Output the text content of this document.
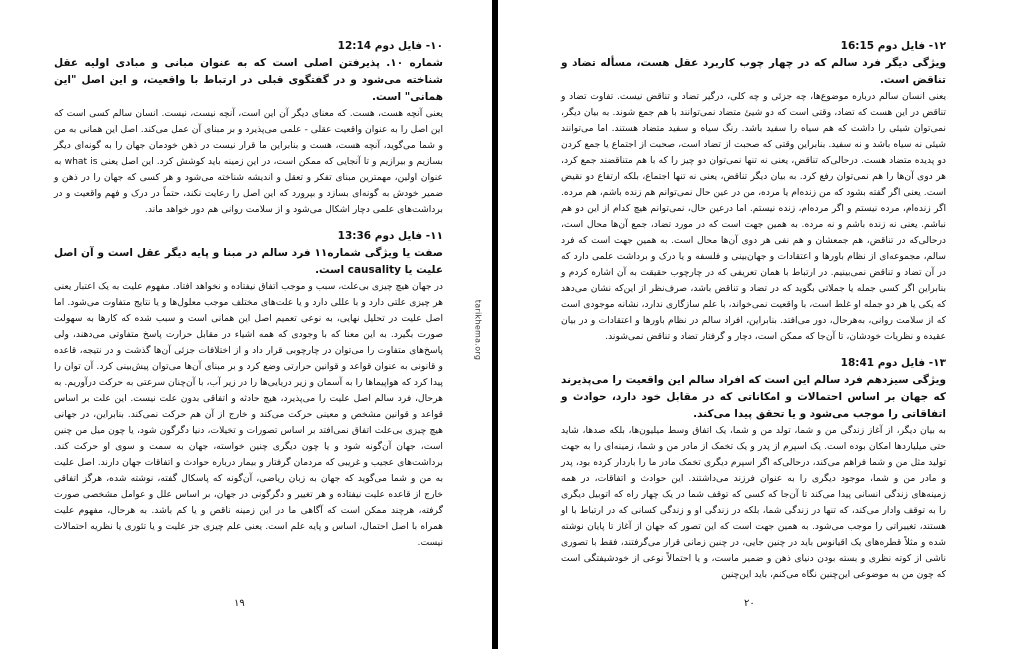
۱۰- فایل دوم 12:14
شماره ۱۰. پذیرفتن اصلی است که به عنوان مبانی و مبادی اولیه عقل شناخته می‌شود و در گفتگوی قبلی در ارتباط با واقعیت، و این اصل "این همانی" است.
یعنی آنچه هست، هست. که معنای دیگر آن این است، آنچه نیست، نیست. انسان سالم کسی است که این اصل را به عنوان واقعیت عقلی - علمی می‌پذیرد و بر مبنای آن عمل می‌کند. اصل این همانی به من و شما می‌گوید، آنچه هست، هست و بنابراین ما قرار نیست در ذهن خودمان جهان را به گونه‌ای دیگر بسازیم و بیرازیم و تا آنجایی که ممکن است، در این زمینه باید کوشش کرد. این اصل یعنی what is به عنوان اولین، مهمترین مبنای تفکر و تعقل و اندیشه شناخته می‌شود و هر کسی که جهان را در ذهن و ضمیر خودش به گونه‌ای بسازد و بپرورد که این اصل را رعایت نکند، حتماً در درک و فهم واقعیت و در برداشت‌های علمی دچار اشکال می‌شود و از سلامت روانی هم دور خواهد ماند.
۱۱- فایل دوم 13:36
صفت یا ویژگی شماره۱۱ فرد سالم در مبنا و پایه دیگر عقل است و آن اصل علیت یا causality است.
در جهان هیچ چیزی بی‌علت، سبب و موجب اتفاق نیفتاده و نخواهد افتاد. مفهوم علیت به یک اعتبار یعنی هر چیزی علتی دارد و با عللی دارد و یا علت‌های مختلف موجب معلول‌ها و یا نتایج متفاوت می‌شود. اما اصل علیت در تحلیل نهایی، به نوعی تعمیم اصل این همانی است و سبب شده که کارها به سهولت صورت بگیرد. به این معنا که با وجودی که همه اشیاء در مقابل حرارت پاسخ متفاوتی می‌دهند، ولی پاسخ‌های متفاوت را می‌توان در چارچوبی قرار داد و از اختلافات جزئی آن‌ها گذشت و در نتیجه، قاعده و قانونی به عنوان قواعد و قوانین حرارتی وضع کرد و بر مبنای آن‌ها می‌توان پیش‌بینی کرد. آن توان را پیدا کرد که هواپیماها را به آسمان و زیر دریایی‌ها را در زیر آب، با آن‌چنان سرعتی به حرکت درآوریم. به هرحال، فرد سالم اصل علیت را می‌پذیرد، هیچ حادثه و اتفاقی بدون علت نیست. این علت بر اساس قواعد و قوانین مشخص و معینی حرکت می‌کند و خارج از آن هم حرکت نمی‌کند. بنابراین، در جهانی هیچ چیزی بی‌علت اتفاق نمی‌افتد بر اساس تصورات و تخیلات، دنیا دگرگون شود، یا چون میل من چنین است، جهان آن‌گونه شود و یا چون دیگری چنین خواسته، جهان به سمت و سوی او حرکت کند. برداشت‌های عجیب و غریبی که مردمان گرفتار و بیمار درباره حوادث و اتفاقات جهان دارند. اصل علیت به من و شما می‌گوید که جهان به زبان ریاضی، آن‌گونه که پاسکال گفته، نوشته شده، هرگز اتفاقی خارج از قاعده علیت نیفتاده و هر تغییر و دگرگونی در جهان، بر اساس علل و عوامل مشخصی صورت گرفته، هرچند ممکن است که آگاهی ما در این زمینه ناقص و یا کم باشد. به هرحال، مفهوم علیت همراه با اصل احتمال، اساس و پایه علم است. یعنی علم چیزی جز علیت و یا تئوری یا نظریه احتمالات نیست.
۱۹
tarikhema.org
۱۲- فایل دوم 16:15
ویژگی دیگر فرد سالم که در چهار چوب کاربرد عقل هست، مسأله تضاد و تناقض است.
یعنی انسان سالم درباره موضوع‌ها، چه جزئی و چه کلی، درگیر تضاد و تناقض نیست. تفاوت تضاد و تناقض در این هست که تضاد، وقتی است که دو شیئ متضاد نمی‌توانند با هم جمع شوند. به بیان دیگر، نمی‌توان شیئی را داشت که هم سیاه را سفید باشد. رنگ سیاه و سفید متضاد هستند. اما می‌توانند شیئی نه سیاه باشد و نه سفید. بنابراین وقتی که صحبت از تضاد است، صحبت از اجتماع یا جمع کردن دو پدیده متضاد هست. درحالی‌که تناقض، یعنی نه تنها نمی‌توان دو چیز را که با هم متناقضند جمع کرد، هر دوی آن‌ها را هم نمی‌توان رفع کرد. به بیان دیگر تناقض، یعنی نه تنها اجتماع، بلکه ارتفاع دو نقیض است. یعنی اگر گفته بشود که من زنده‌ام یا مرده، من در عین حال نمی‌توانم هم زنده باشم، هم مرده. اگر زنده‌ام، مرده نیستم و اگر مرده‌ام، زنده نیستم. اما درعین حال، نمی‌توانم هیچ کدام از این دو هم نباشم. یعنی نه زنده باشم و نه مرده. به همین جهت است که در مورد تضاد، جمع آن‌ها محال است، درحالی‌که در تناقض، هم جمعشان و هم نفی هر دوی آن‌ها محال است. به همین جهت است که فرد سالم، مجموعه‌ای از نظام باورها و اعتقادات و جهان‌بینی و فلسفه و یا درک و برداشت علمی دارد که در آن تضاد و تناقض نمی‌بینیم. در ارتباط با همان تعریفی که در چارچوب حقیقت به آن اشاره کردم و بنابراین اگر کسی جمله یا جملاتی بگوید که در تضاد و تناقض باشد، صرف‌نظر از این‌که نشان می‌دهد که یکی یا هر دو جمله او غلط است، با واقعیت نمی‌خواند، با علم سازگاری ندارد، نشانه موجودی است که از سلامت روانی، به‌هرحال، دور می‌افتد. بنابراین، افراد سالم در نظام باورها و اعتقادات و در بیان عقیده و نظریات خودشان، تا آن‌جا که ممکن است، دچار و گرفتار تضاد و تناقض نمی‌شوند.
۱۳- فایل دوم 18:41
ویژگی سیزدهم فرد سالم این است که افراد سالم این واقعیت را می‌پذیرند که جهان بر اساس احتمالات و امکاناتی که در مقابل خود دارد، حوادث و اتفاقاتی را موجب می‌شود و یا تحقق پیدا می‌کند.
به بیان دیگر، از آغاز زندگی من و شما، تولد من و شما، یک اتفاق وسط میلیون‌ها، بلکه صدها، شاید حتی میلیاردها امکان بوده است. یک اسپرم از پدر و یک تخمک از مادر من و شما، زمینه‌ای را به جهت تولید مثل من و شما فراهم می‌کند، درحالی‌که اگر اسپرم دیگری تخمک مادر ما را باردار کرده بود، پدر و مادر من و شما، موجود دیگری را به عنوان فرزند می‌داشتند. این حوادث و اتفاقات، در همه زمینه‌های زندگی انسانی پیدا می‌کند تا آن‌جا که کسی که توقف شما در یک چهار راه که اتوبیل دیگری را به توقف وادار می‌کند، که تنها در زندگی شما، بلکه در زندگی او و زندگی کسانی که در ارتباط با او هستند، تغییراتی را موجب می‌شود. به همین جهت است که این تصور که جهان از آغاز تا پایان نوشته شده و مثلاً قطره‌های یک اقیانوس باید در چنین جایی، در چنین زمانی قرار می‌گرفتند، فقط با تصوری ناشی از کوته نظری و بسته بودن دنیای ذهن و ضمیر ماست، و یا احتمالاً نوعی از خودشیفتگی است که چون من به موضوعی این‌چنین نگاه می‌کنم، باید این‌چنین
۲۰
